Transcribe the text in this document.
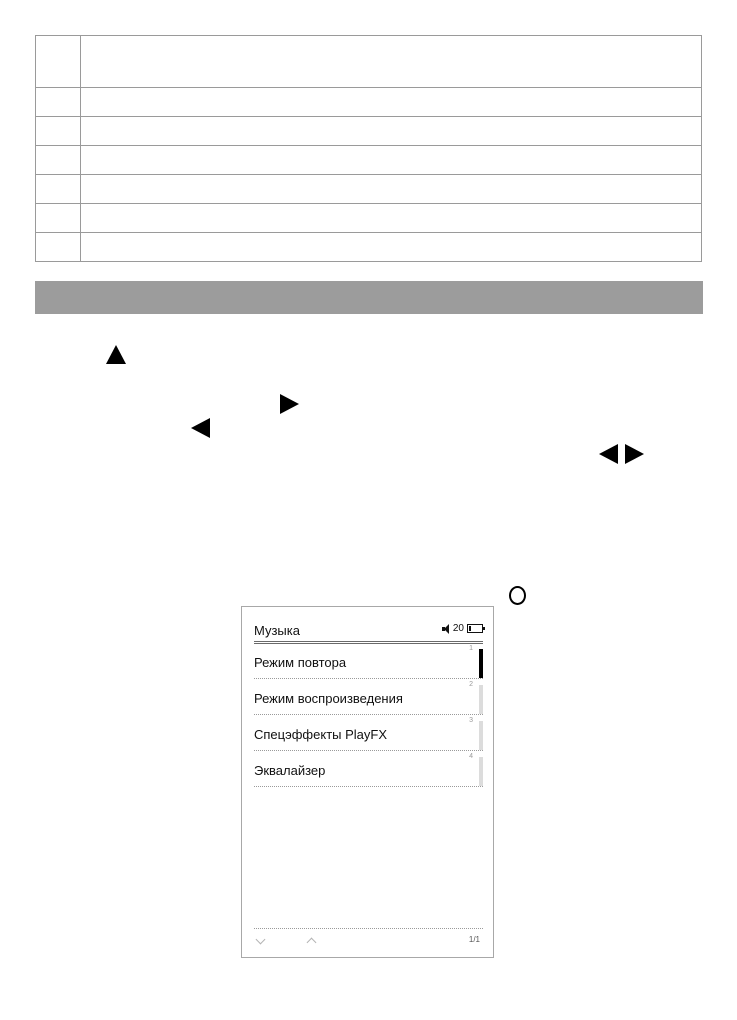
Музыка	20
Режим повтора
1
Режим воспроизведения
2
Спецэффекты PlayFX
3
Эквалайзер
4
1/1
